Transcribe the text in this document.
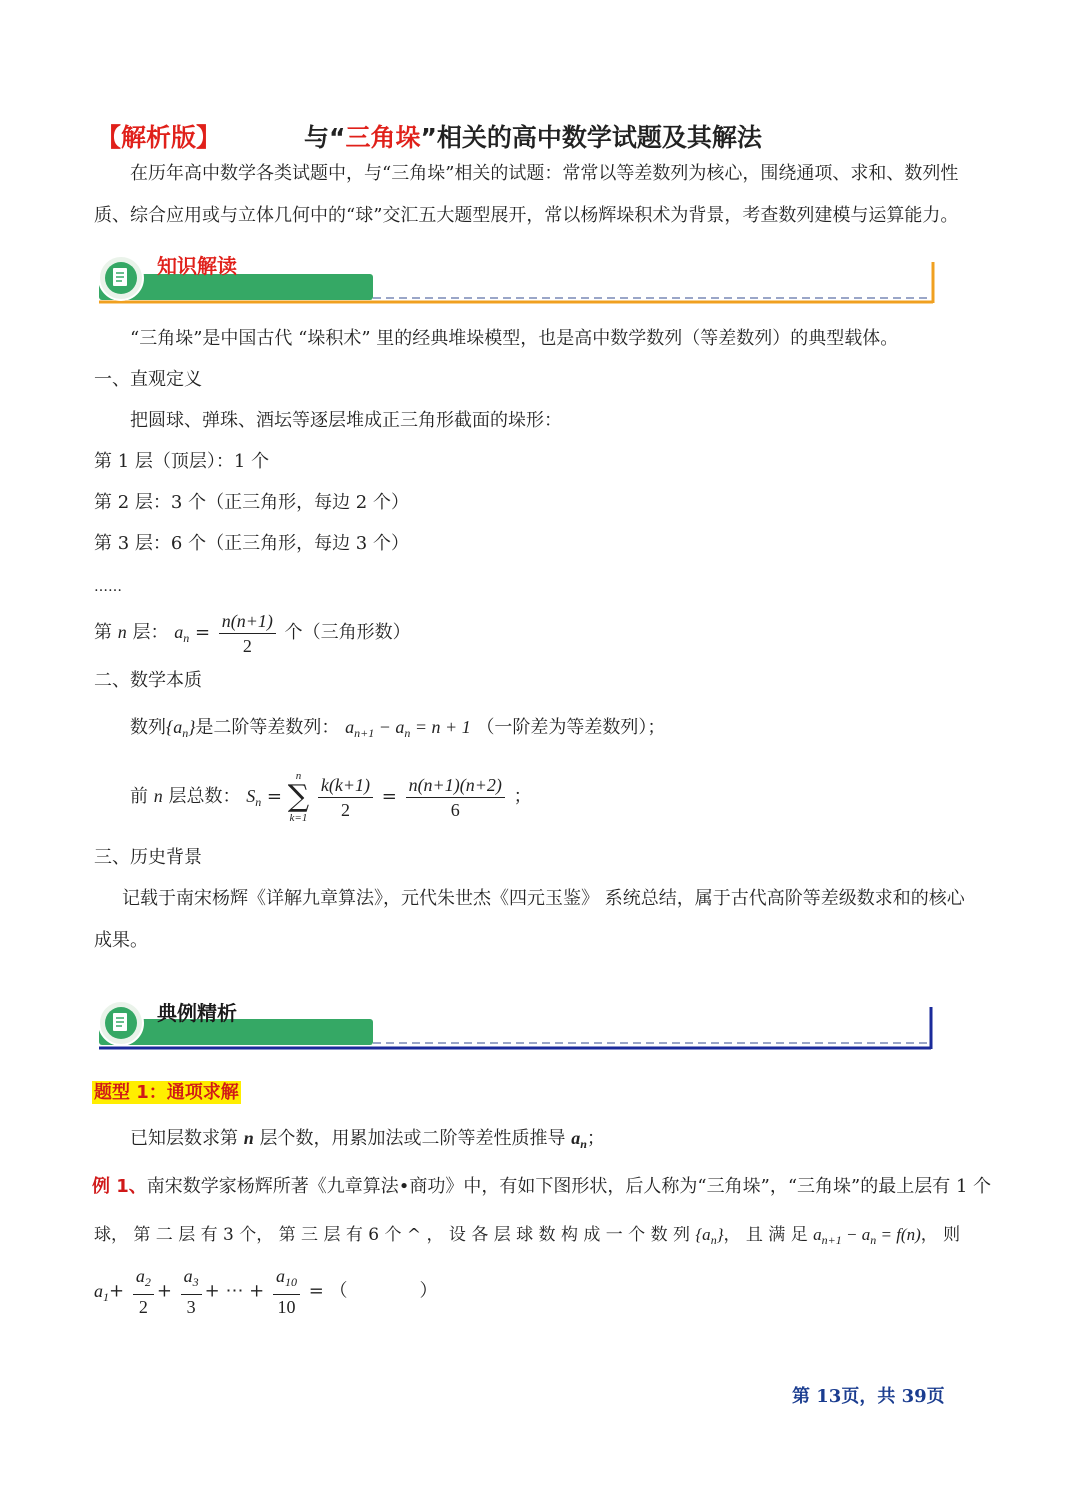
【解析版】	与“三角垛”相关的高中数学试题及其解法
在历年高中数学各类试题中，与“三角垛”相关的试题：常常以等差数列为核心，围绕通项、求和、数列性
质、综合应用或与立体几何中的“球”交汇五大题型展开，常以杨辉垛积术为背景，考查数列建模与运算能力。
知识解读
“三角垛”是中国古代 “垛积术” 里的经典堆垛模型，也是高中数学数列（等差数列）的典型载体。
一、直观定义
把圆球、弹珠、酒坛等逐层堆成正三角形截面的垛形：
第 1 层（顶层）：1 个
第 2 层：3 个（正三角形，每边 2 个）
第 3 层：6 个（正三角形，每边 3 个）
……
第 n 层： $a_n = \frac{n(n+1)}{2}$ 个（三角形数）
二、数学本质
数列$\{a_n\}$是二阶等差数列： $a_{n+1} - a_n = n + 1$ （一阶差为等差数列）；
前 n 层总数： $S_n$ =
n
∑
k=1
$\frac{k(k+1)}{2} = \frac{n(n+1)(n+2)}{6}$ ；
三、历史背景
记载于南宋杨辉《详解九章算法》，元代朱世杰《四元玉鉴》 系统总结，属于古代高阶等差级数求和的核心
成果。
典例精析
题型 1：通项求解
已知层数求第 n 层个数，用累加法或二阶等差性质推导 $a_n$；
例 1、南宋数学家杨辉所著《九章算法•商功》中，有如下图形状，后人称为“三角垛”，“三角垛”的最上层有 1 个
球， 第 二 层 有 3 个， 第 三 层 有 6 个 ^ ， 设 各 层 球 数 构 成 一 个 数 列 $\{a_n\}$， 且 满 足 $a_{n+1} - a_n = f(n)$， 则
$a_1+ \frac{a_2}{2} + \frac{a_3}{3}$ + ⋯ + $\frac{a_{10}}{10}$ = （　　　　）
第 13页，共 39页
